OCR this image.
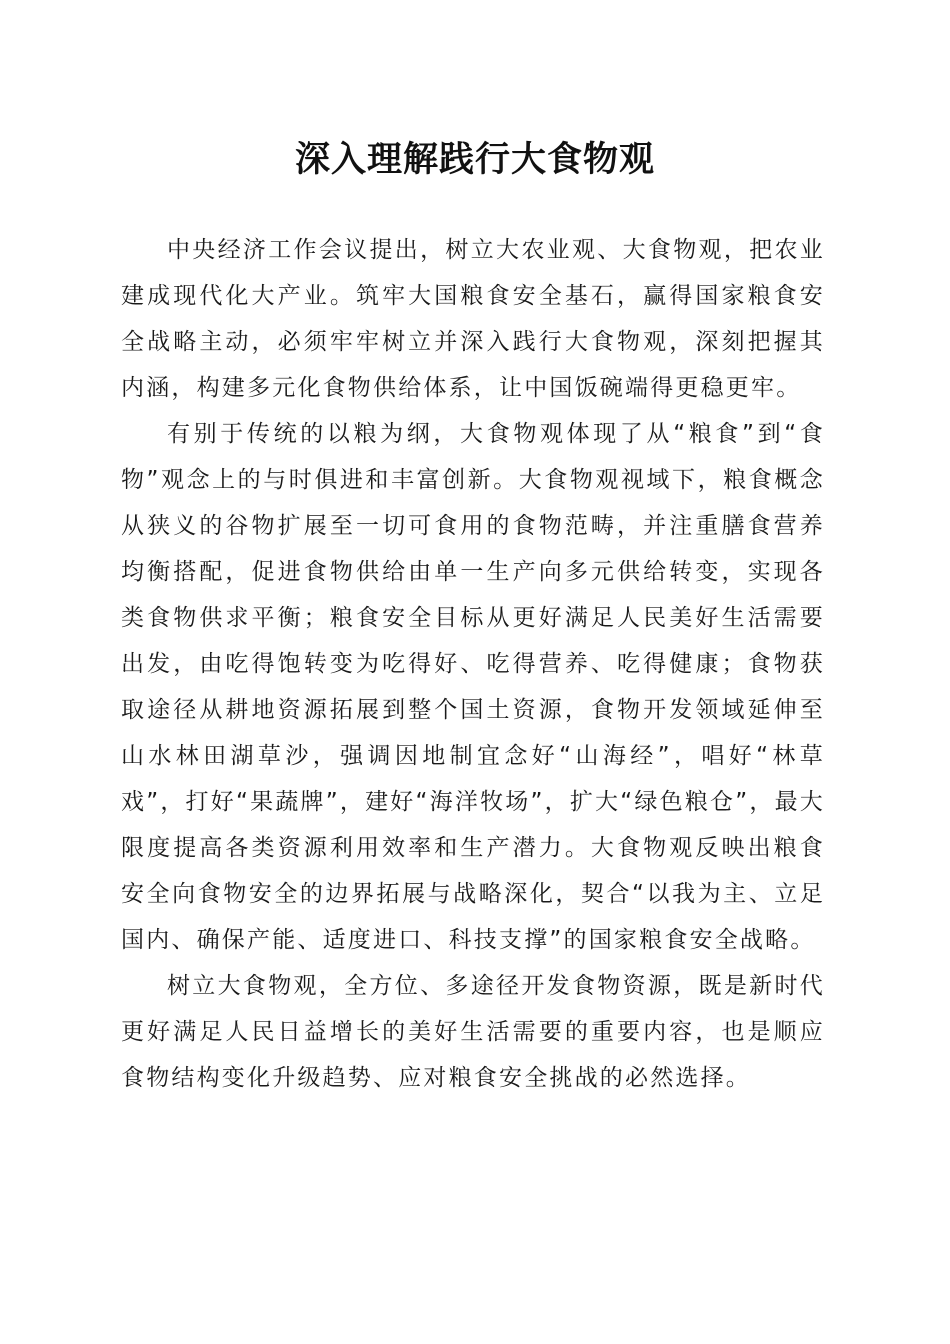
深入理解践行大食物观

中央经济工作会议提出，树立大农业观、大食物观，把农业建成现代化大产业。筑牢大国粮食安全基石，赢得国家粮食安全战略主动，必须牢牢树立并深入践行大食物观，深刻把握其内涵，构建多元化食物供给体系，让中国饭碗端得更稳更牢。

有别于传统的以粮为纲，大食物观体现了从“粮食”到“食物”观念上的与时俱进和丰富创新。大食物观视域下，粮食概念从狭义的谷物扩展至一切可食用的食物范畴，并注重膳食营养均衡搭配，促进食物供给由单一生产向多元供给转变，实现各类食物供求平衡；粮食安全目标从更好满足人民美好生活需要出发，由吃得饱转变为吃得好、吃得营养、吃得健康；食物获取途径从耕地资源拓展到整个国土资源，食物开发领域延伸至山水林田湖草沙，强调因地制宜念好“山海经”，唱好“林草戏”，打好“果蔬牌”，建好“海洋牧场”，扩大“绿色粮仓”，最大限度提高各类资源利用效率和生产潜力。大食物观反映出粮食安全向食物安全的边界拓展与战略深化，契合“以我为主、立足国内、确保产能、适度进口、科技支撑”的国家粮食安全战略。

树立大食物观，全方位、多途径开发食物资源，既是新时代更好满足人民日益增长的美好生活需要的重要内容，也是顺应食物结构变化升级趋势、应对粮食安全挑战的必然选择。
